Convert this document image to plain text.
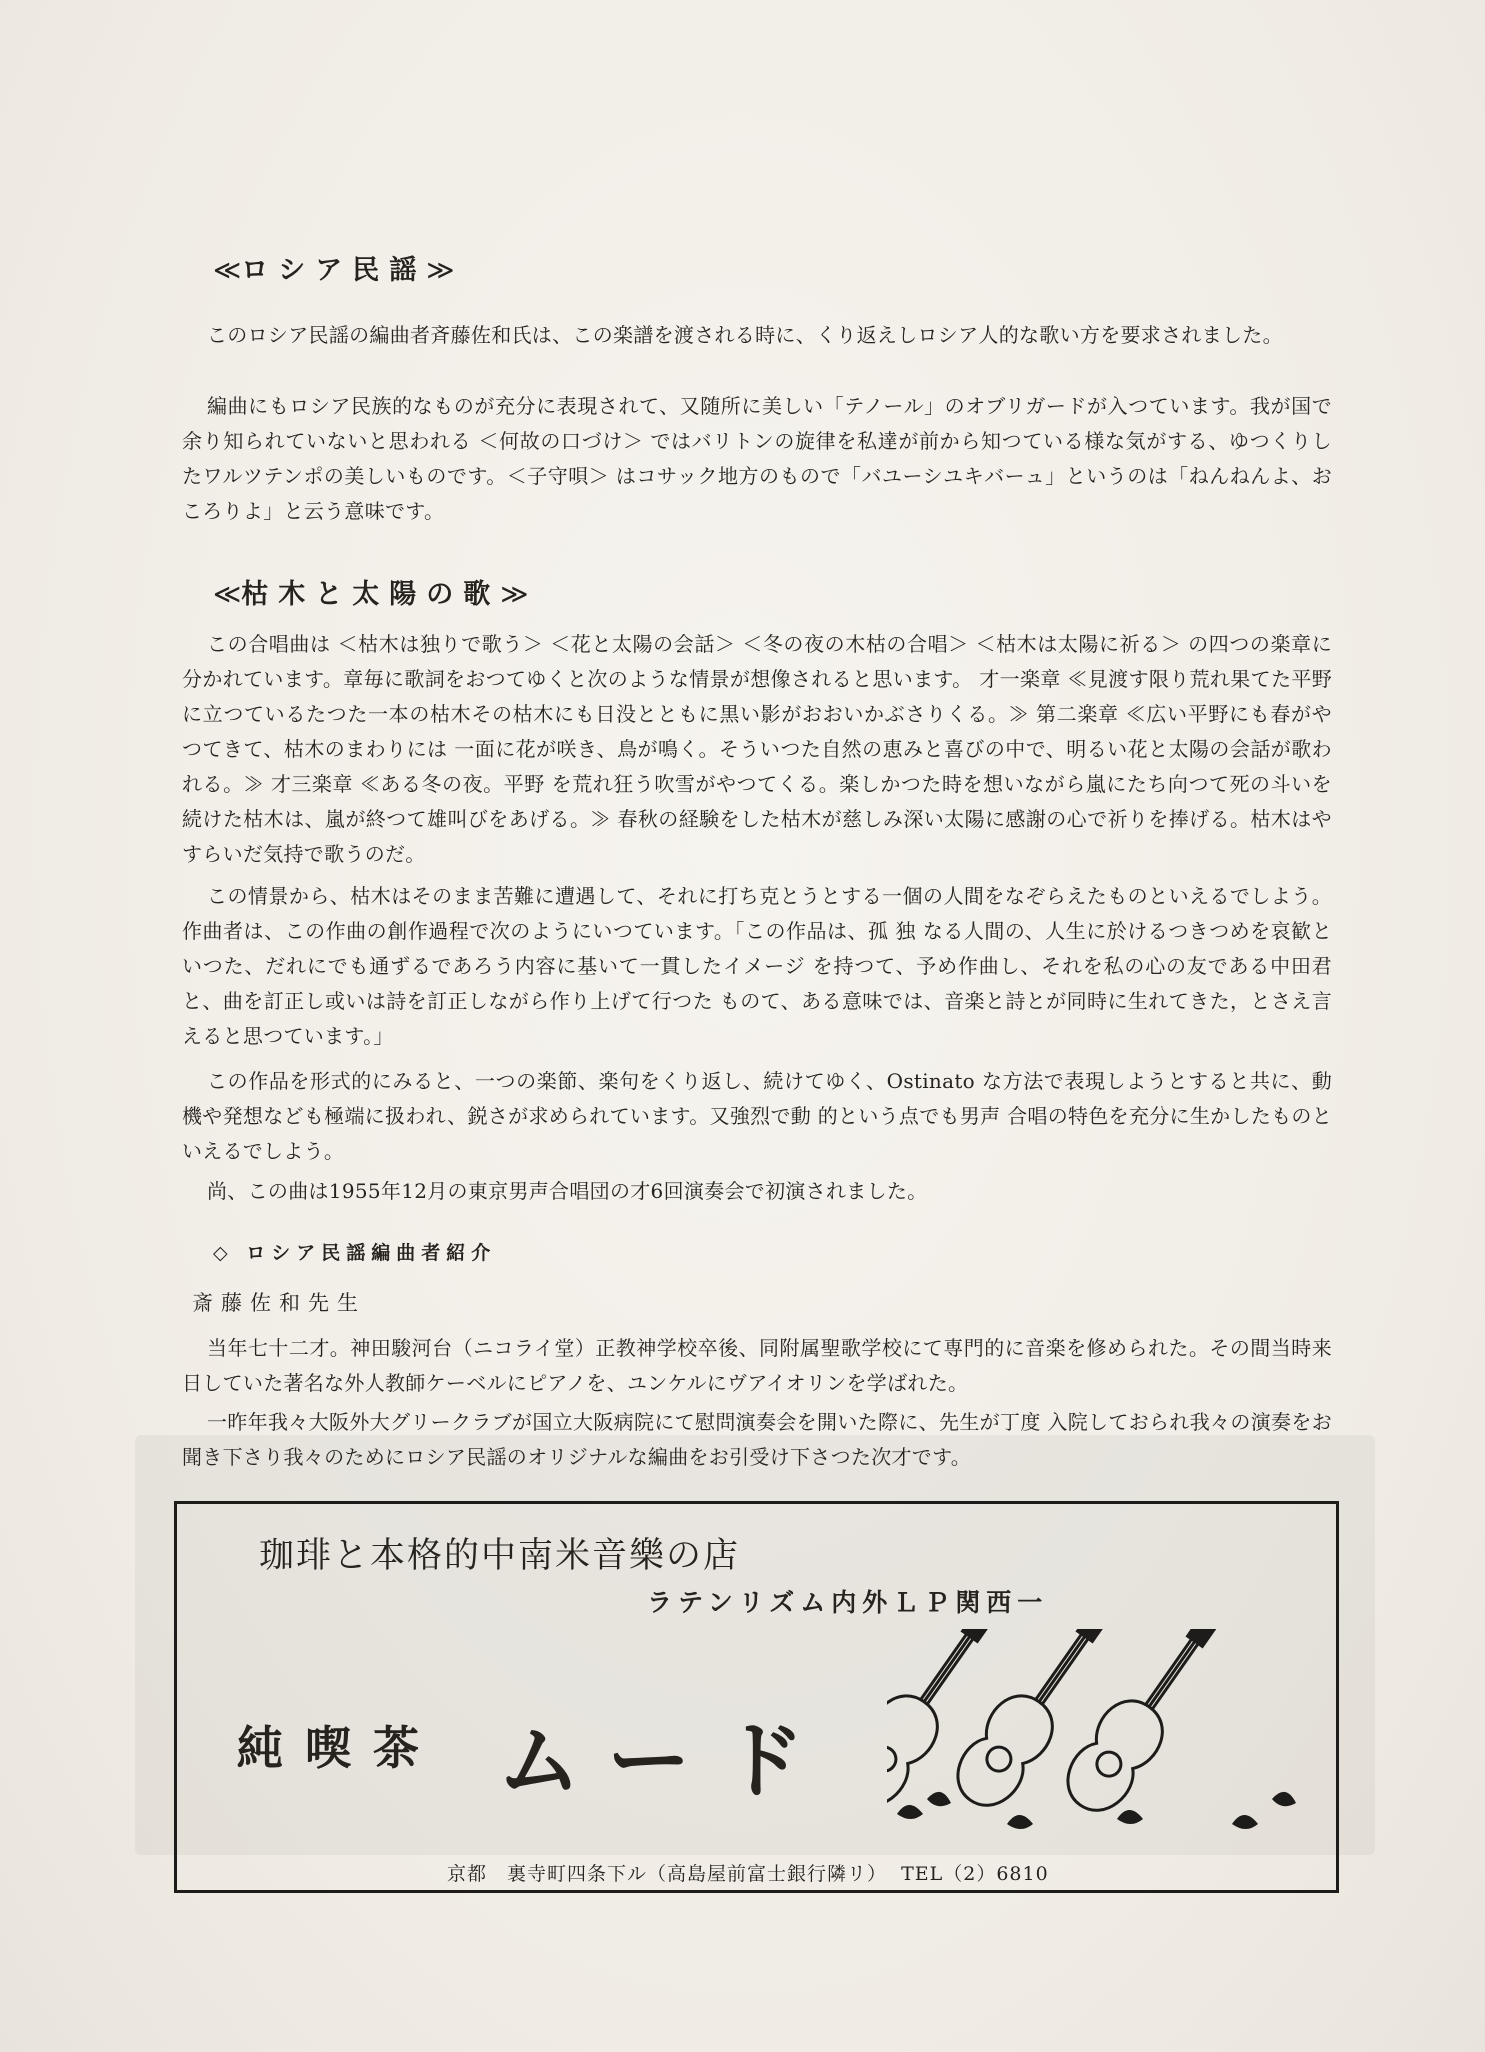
≪ロシア民謡≫

このロシア民謡の編曲者斉藤佐和氏は、この楽譜を渡される時に、くり返えしロシア人的な歌い方を要求されました。

編曲にもロシア民族的なものが充分に表現されて、又随所に美しい「テノール」のオブリガードが入つています。我が国で余り知られていないと思われる ＜何故の口づけ＞ ではバリトンの旋律を私達が前から知つている様な気がする、ゆつくりしたワルツテンポの美しいものです。＜子守唄＞ はコサック地方のもので「バユーシユキバーュ」というのは「ねんねんよ、おころりよ」と云う意味です。

≪枯木と太陽の歌≫

この合唱曲は ＜枯木は独りで歌う＞ ＜花と太陽の会話＞ ＜冬の夜の木枯の合唱＞ ＜枯木は太陽に祈る＞ の四つの楽章に分かれています。章毎に歌詞をおつてゆくと次のような情景が想像されると思います。 才一楽章 ≪見渡す限り荒れ果てた平野に立つているたつた一本の枯木その枯木にも日没とともに黒い影がおおいかぶさりくる。≫ 第二楽章 ≪広い平野にも春がやつてきて、枯木のまわりには 一面に花が咲き、鳥が鳴く。そういつた自然の恵みと喜びの中で、明るい花と太陽の会話が歌われる。≫ 才三楽章 ≪ある冬の夜。平野 を荒れ狂う吹雪がやつてくる。楽しかつた時を想いながら嵐にたち向つて死の斗いを続けた枯木は、嵐が終つて雄叫びをあげる。≫ 春秋の経験をした枯木が慈しみ深い太陽に感謝の心で祈りを捧げる。枯木はやすらいだ気持で歌うのだ。

この情景から、枯木はそのまま苦難に遭遇して、それに打ち克とうとする一個の人間をなぞらえたものといえるでしよう。作曲者は、この作曲の創作過程で次のようにいつています。「この作品は、孤 独 なる人間の、人生に於けるつきつめを哀歓といつた、だれにでも通ずるであろう内容に基いて一貫したイメージ を持つて、予め作曲し、それを私の心の友である中田君と、曲を訂正し或いは詩を訂正しながら作り上げて行つた ものて、ある意味では、音楽と詩とが同時に生れてきた，とさえ言えると思つています。」

この作品を形式的にみると、一つの楽節、楽句をくり返し、続けてゆく、Ostinato な方法で表現しようとすると共に、動機や発想なども極端に扱われ、鋭さが求められています。又強烈で動 的という点でも男声 合唱の特色を充分に生かしたものといえるでしよう。

尚、この曲は1955年12月の東京男声合唱団の才6回演奏会で初演されました。

◇ ロシア民謡編曲者紹介
斎藤佐和先生

当年七十二才。神田駿河台（ニコライ堂）正教神学校卒後、同附属聖歌学校にて専門的に音楽を修められた。その間当時来日していた著名な外人教師ケーベルにピアノを、ユンケルにヴアイオリンを学ばれた。

一昨年我々大阪外大グリークラブが国立大阪病院にて慰問演奏会を開いた際に、先生が丁度 入院しておられ我々の演奏をお聞き下さり我々のためにロシア民謡のオリジナルな編曲をお引受け下さつた次才です。

珈琲と本格的中南米音樂の店
ラテンリズム内外ＬＰ関西一
純喫茶 ムード
京都　裏寺町四条下ル（高島屋前富士銀行隣リ）  TEL（2）6810
